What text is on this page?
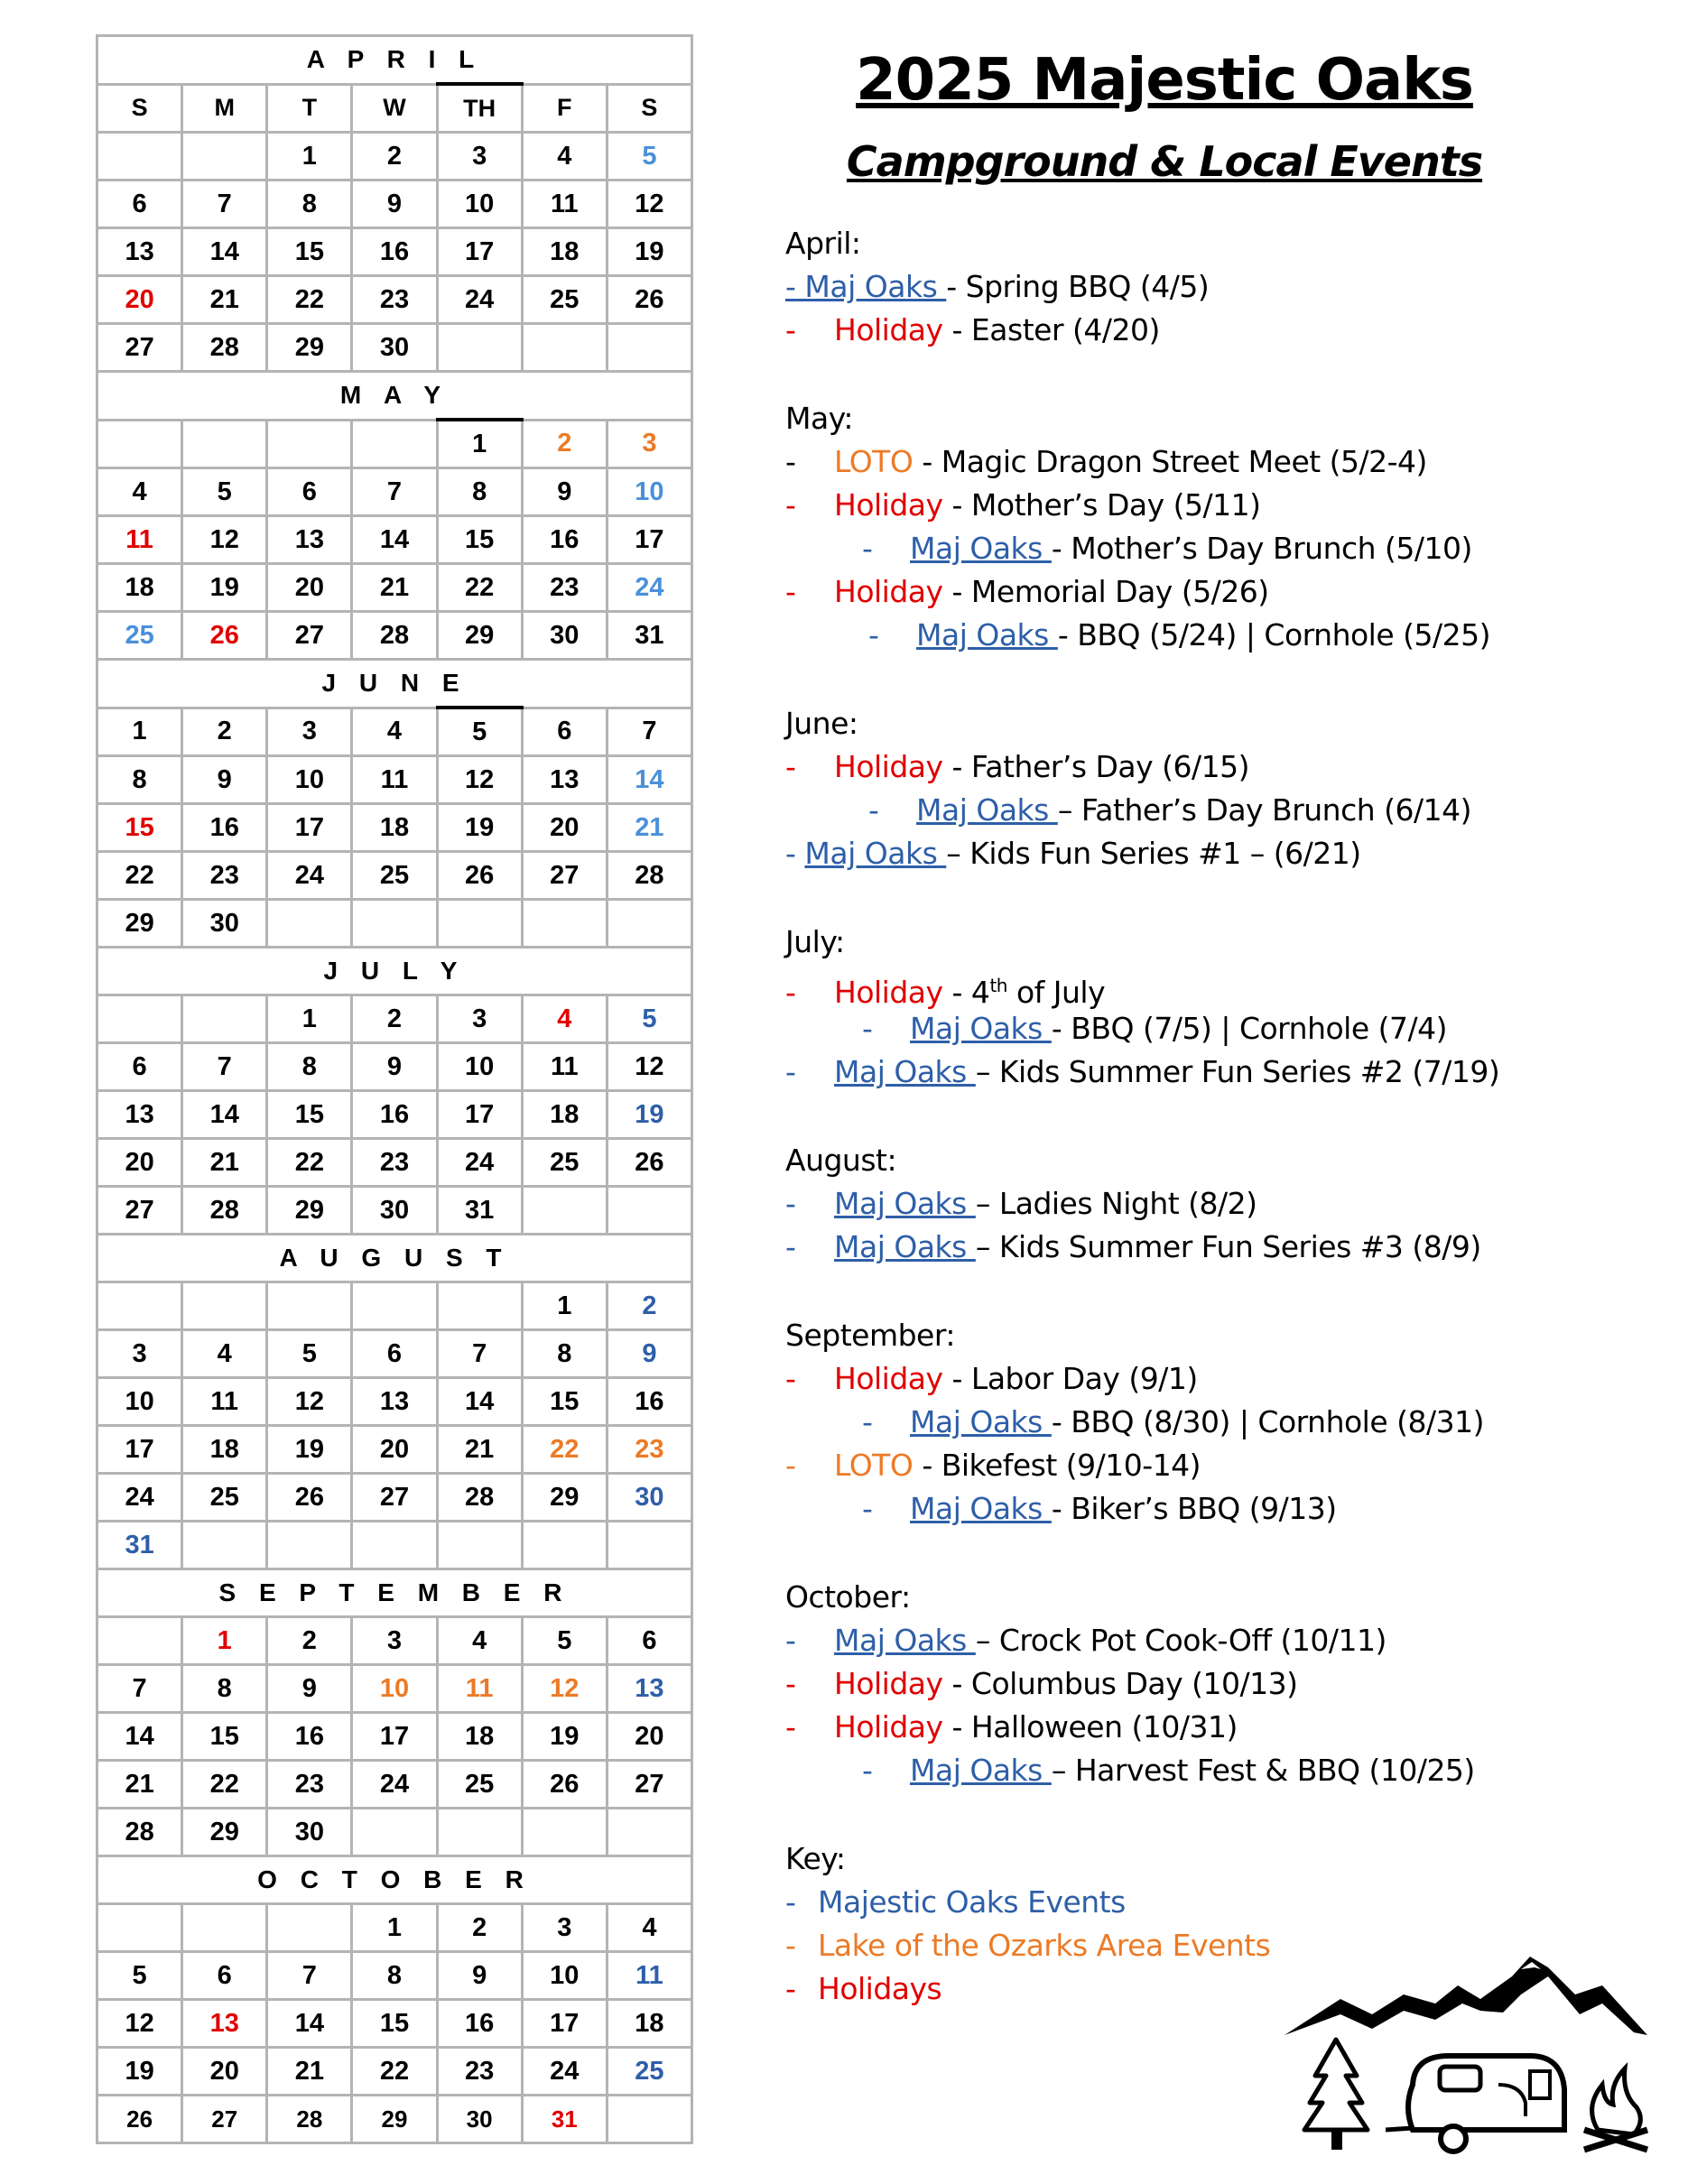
A P R I L						
S	M	T	W	TH	F	S
		1	2	3	4	5
6	7	8	9	10	11	12
13	14	15	16	17	18	19
20	21	22	23	24	25	26
27	28	29	30			
M A Y						
				1	2	3
4	5	6	7	8	9	10
11	12	13	14	15	16	17
18	19	20	21	22	23	24
25	26	27	28	29	30	31
J U N E						
1	2	3	4	5	6	7
8	9	10	11	12	13	14
15	16	17	18	19	20	21
22	23	24	25	26	27	28
29	30					
J U L Y						
		1	2	3	4	5
6	7	8	9	10	11	12
13	14	15	16	17	18	19
20	21	22	23	24	25	26
27	28	29	30	31		
A U G U S T						
					1	2
3	4	5	6	7	8	9
10	11	12	13	14	15	16
17	18	19	20	21	22	23
24	25	26	27	28	29	30
31						
S E P T E M B E R						
	1	2	3	4	5	6
7	8	9	10	11	12	13
14	15	16	17	18	19	20
21	22	23	24	25	26	27
28	29	30				
O C T O B E R						
			1	2	3	4
5	6	7	8	9	10	11
12	13	14	15	16	17	18
19	20	21	22	23	24	25
26	27	28	29	30	31	
2025 Majestic Oaks
Campground & Local Events
April:
- Maj Oaks - Spring BBQ (4/5)
- Holiday - Easter (4/20)
May:
- LOTO - Magic Dragon Street Meet (5/2-4)
- Holiday - Mother’s Day (5/11)
- Maj Oaks - Mother’s Day Brunch (5/10)
- Holiday - Memorial Day (5/26)
- Maj Oaks - BBQ (5/24) | Cornhole (5/25)
June:
- Holiday - Father’s Day (6/15)
- Maj Oaks – Father’s Day Brunch (6/14)
- Maj Oaks – Kids Fun Series #1 – (6/21)
July:
- Holiday - 4th of July
- Maj Oaks - BBQ (7/5) | Cornhole (7/4)
- Maj Oaks – Kids Summer Fun Series #2 (7/19)
August:
- Maj Oaks – Ladies Night (8/2)
- Maj Oaks – Kids Summer Fun Series #3 (8/9)
September:
- Holiday - Labor Day (9/1)
- Maj Oaks - BBQ (8/30) | Cornhole (8/31)
- LOTO - Bikefest (9/10-14)
- Maj Oaks - Biker’s BBQ (9/13)
October:
- Maj Oaks – Crock Pot Cook-Off (10/11)
- Holiday - Columbus Day (10/13)
- Holiday - Halloween (10/31)
- Maj Oaks – Harvest Fest & BBQ (10/25)
Key:
- Majestic Oaks Events
- Lake of the Ozarks Area Events
- Holidays
